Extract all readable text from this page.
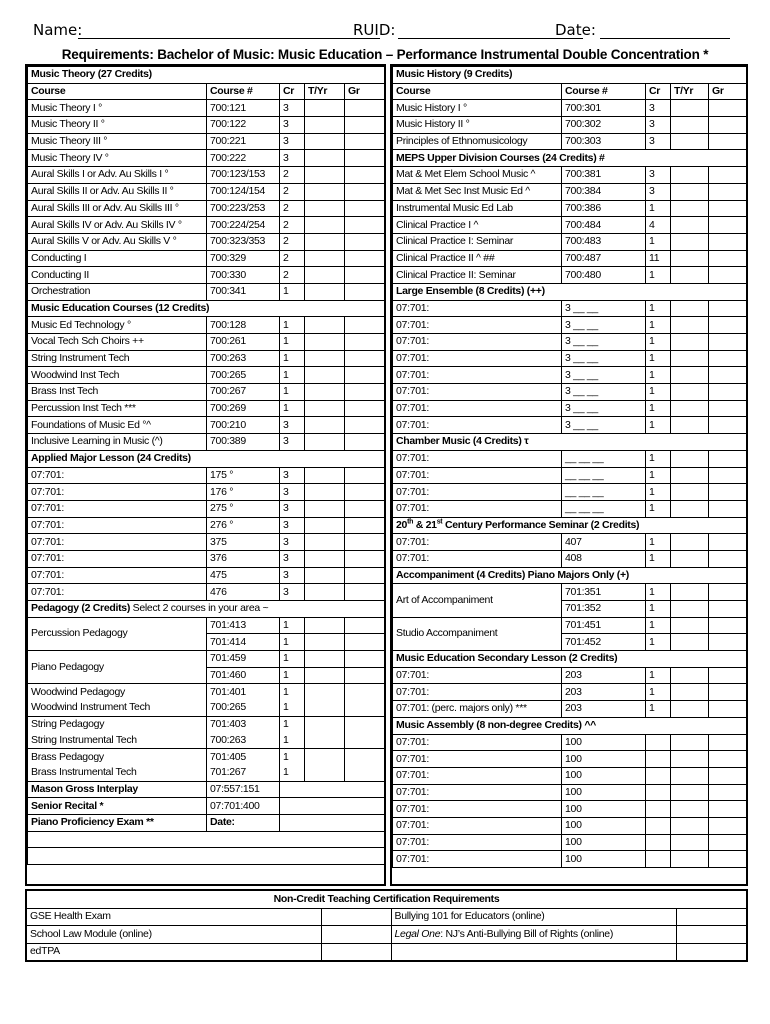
Name:	RUID:	Date:
Requirements: Bachelor of Music: Music Education – Performance Instrumental Double Concentration *
Music Theory (27 Credits)				
Course	Course #	Cr	T/Yr	Gr
Music Theory I °	700:121	3		
Music Theory II °	700:122	3		
Music Theory III °	700:221	3		
Music Theory IV °	700:222	3		
Aural Skills I or Adv. Au Skills I °	700:123/153	2		
Aural Skills II or Adv. Au Skills II °	700:124/154	2		
Aural Skills III or Adv. Au Skills III °	700:223/253	2		
Aural Skills IV or Adv. Au Skills IV °	700:224/254	2		
Aural Skills V or Adv. Au Skills V °	700:323/353	2		
Conducting I	700:329	2		
Conducting II	700:330	2		
Orchestration	700:341	1		
Music Education Courses (12 Credits)				
Music Ed Technology °	700:128	1		
Vocal Tech Sch Choirs ++	700:261	1		
String Instrument Tech	700:263	1		
Woodwind Inst Tech	700:265	1		
Brass Inst Tech	700:267	1		
Percussion Inst Tech ***	700:269	1		
Foundations of Music Ed °^	700:210	3		
Inclusive Learning in Music (^)	700:389	3		
Applied Major Lesson (24 Credits)				
07:701:	175 °	3		
07:701:	176 °	3		
07:701:	275 °	3		
07:701:	276 °	3		
07:701:	375	3		
07:701:	376	3		
07:701:	475	3		
07:701:	476	3		
Pedagogy (2 Credits) Select 2 courses in your area ~				
Percussion Pedagogy	701:413	1		
	701:414	1		
Piano Pedagogy	701:459	1		
	701:460	1		
Woodwind Pedagogy	701:401	1		
Woodwind Instrument Tech	700:265	1		
String Pedagogy	701:403	1		
String Instrumental Tech	700:263	1		
Brass Pedagogy	701:405	1		
Brass Instrumental Tech	701:267	1		
Mason Gross Interplay	07:557:151			
Senior Recital *	07:701:400			
Piano Proficiency Exam **	Date:			

Music History (9 Credits)				
Course	Course #	Cr	T/Yr	Gr
Music History I °	700:301	3		
Music History II °	700:302	3		
Principles of Ethnomusicology	700:303	3		
MEPS Upper Division Courses (24 Credits) #				
Mat & Met Elem School Music ^	700:381	3		
Mat & Met Sec Inst Music Ed ^	700:384	3		
Instrumental Music Ed Lab	700:386	1		
Clinical Practice I ^	700:484	4		
Clinical Practice I: Seminar	700:483	1		
Clinical Practice II ^ ##	700:487	11		
Clinical Practice II: Seminar	700:480	1		
Large Ensemble (8 Credits) (++)				
07:701:	3 __ __	1		
07:701:	3 __ __	1		
07:701:	3 __ __	1		
07:701:	3 __ __	1		
07:701:	3 __ __	1		
07:701:	3 __ __	1		
07:701:	3 __ __	1		
07:701:	3 __ __	1		
Chamber Music (4 Credits) τ				
07:701:	__ __ __	1		
07:701:	__ __ __	1		
07:701:	__ __ __	1		
07:701:	__ __ __	1		
20th & 21st Century Performance Seminar (2 Credits)				
07:701:	407	1		
07:701:	408	1		
Accompaniment (4 Credits) Piano Majors Only (+)				
Art of Accompaniment	701:351	1		
	701:352	1		
Studio Accompaniment	701:451	1		
	701:452	1		
Music Education Secondary Lesson (2 Credits)				
07:701:	203	1		
07:701:	203	1		
07:701: (perc. majors only) ***	203	1		
Music Assembly (8 non-degree Credits) ^^				
07:701:	100			
07:701:	100			
07:701:	100			
07:701:	100			
07:701:	100			
07:701:	100			
07:701:	100			
07:701:	100			
Non-Credit Teaching Certification Requirements			
GSE Health Exam		Bullying 101 for Educators (online)	
School Law Module (online)		Legal One: NJ’s Anti-Bullying Bill of Rights (online)	
edTPA			
